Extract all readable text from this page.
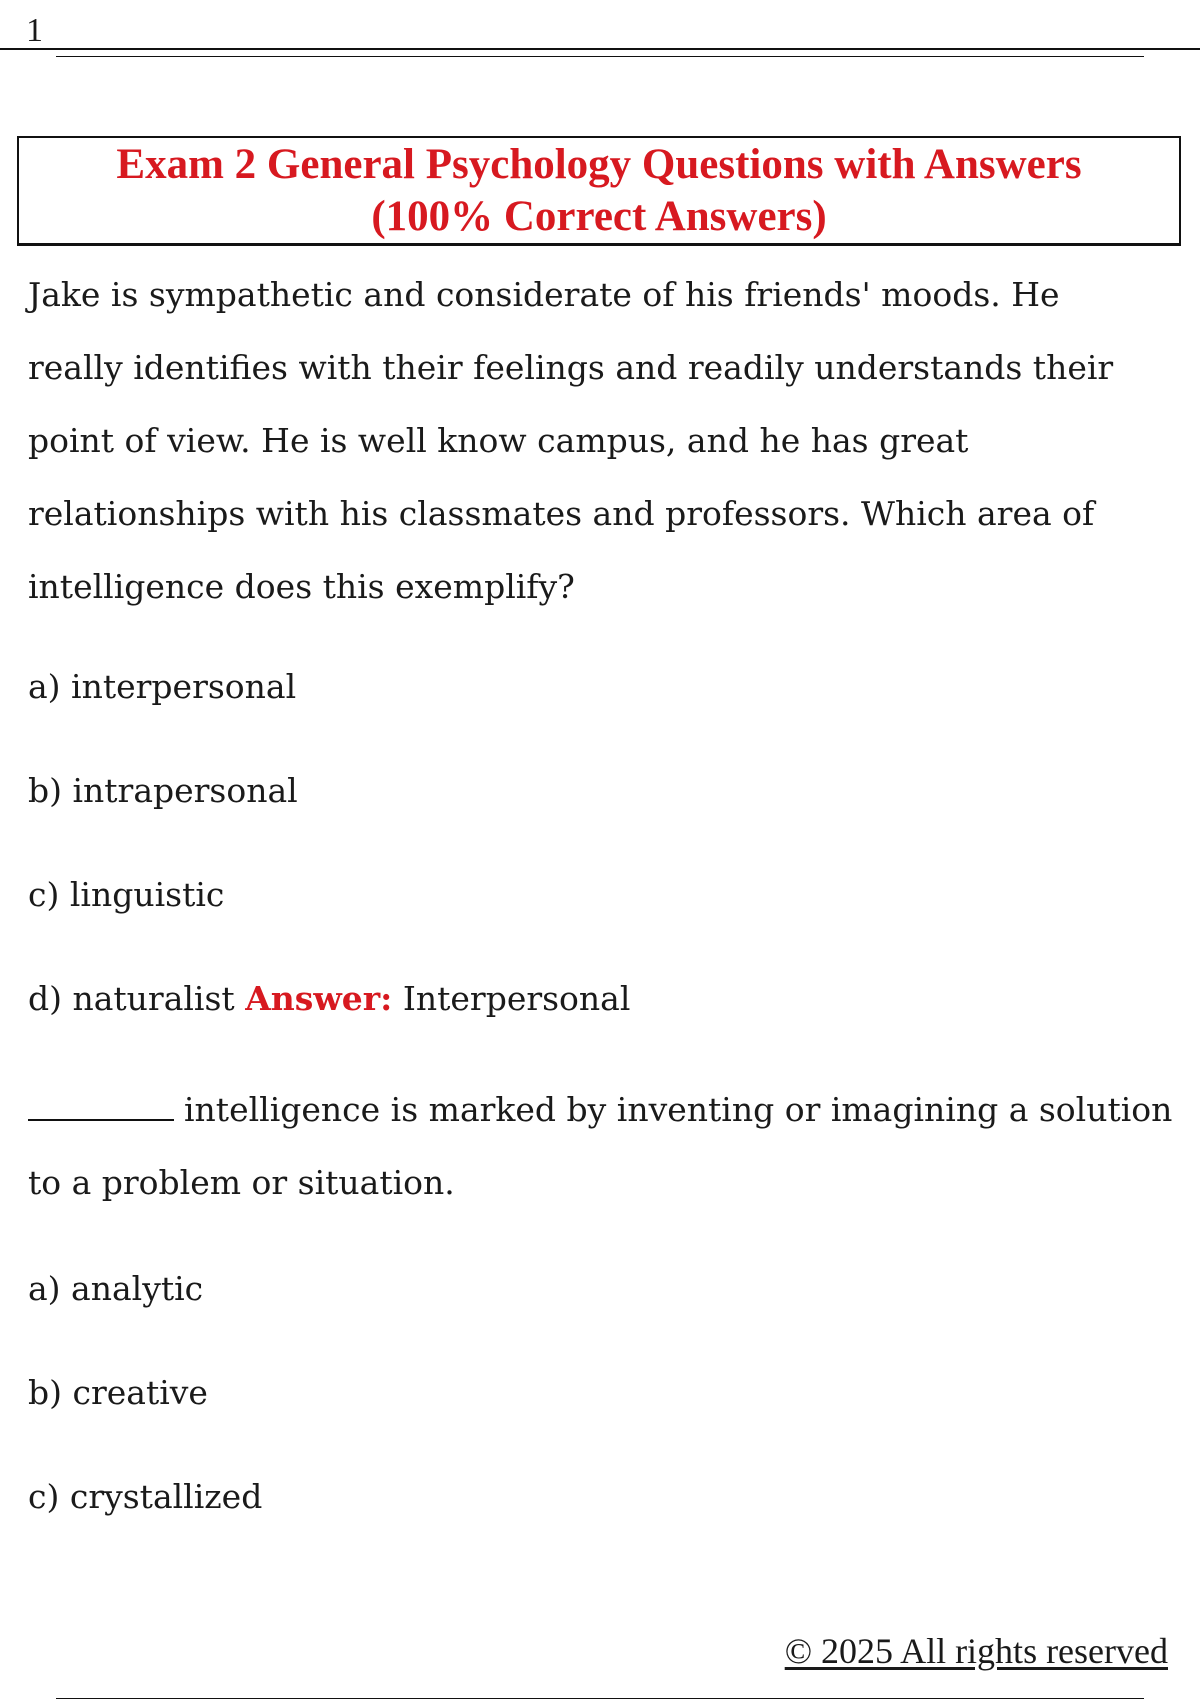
1
Exam 2 General Psychology Questions with Answers
(100% Correct Answers)

Jake is sympathetic and considerate of his friends' moods. He really identifies with their feelings and readily understands their point of view. He is well know campus, and he has great relationships with his classmates and professors. Which area of intelligence does this exemplify?

a) interpersonal

b) intrapersonal

c) linguistic

d) naturalist Answer: Interpersonal

intelligence is marked by inventing or imagining a solution to a problem or situation.

a) analytic

b) creative

c) crystallized

© 2025 All rights reserved
